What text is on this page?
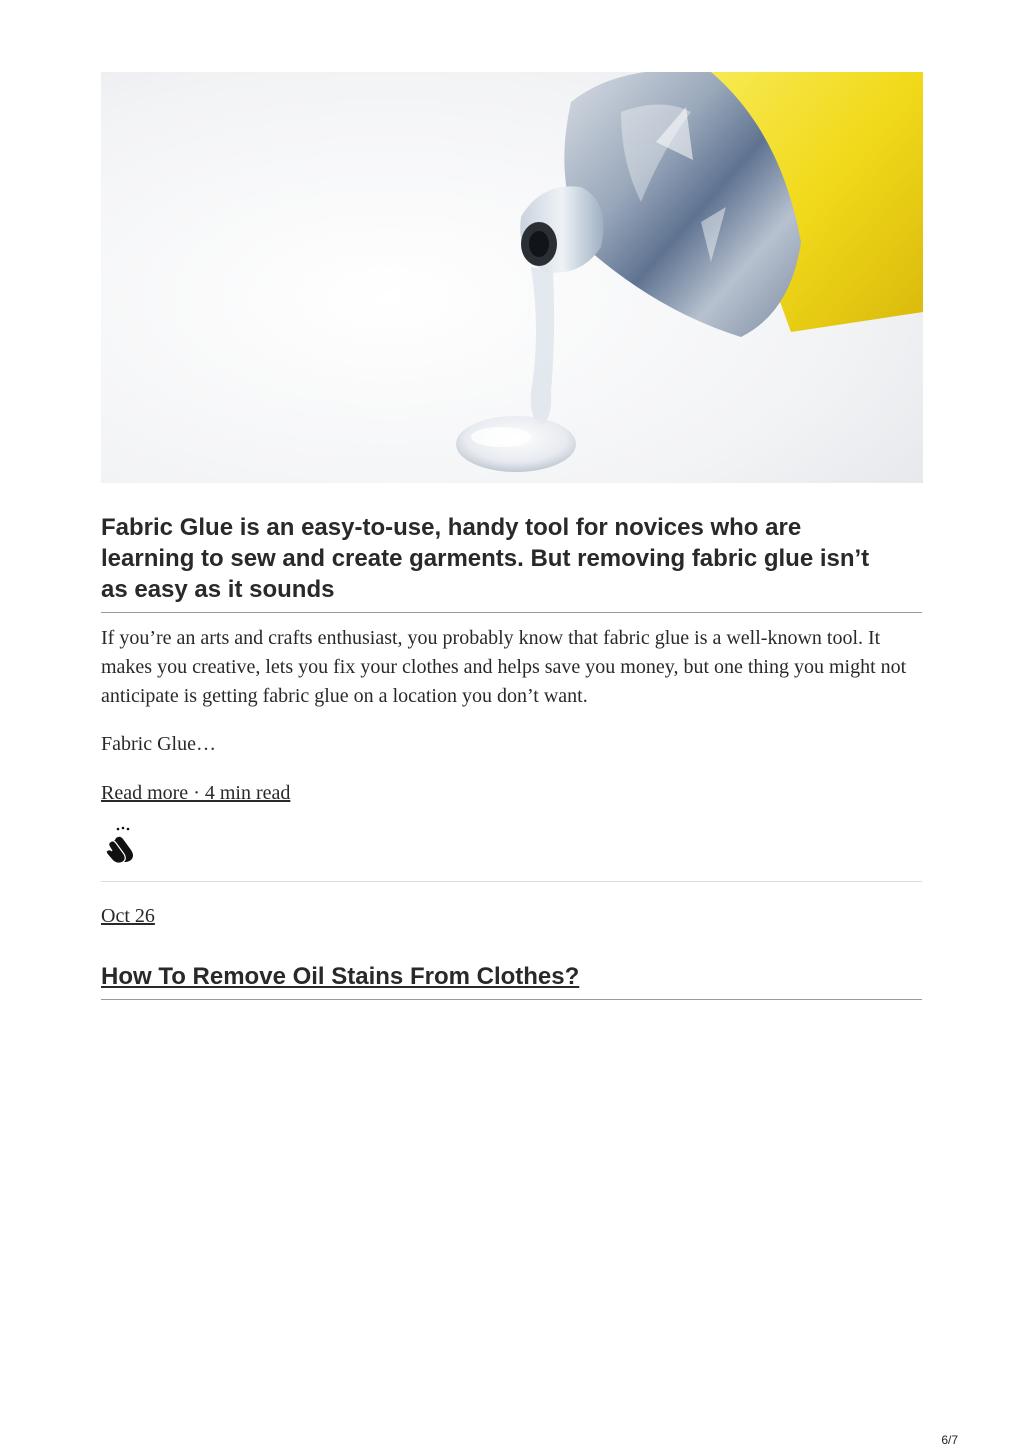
Fabric Glue is an easy-to-use, handy tool for novices who are learning to sew and create garments. But removing fabric glue isn’t as easy as it sounds

If you’re an arts and crafts enthusiast, you probably know that fabric glue is a well-known tool. It makes you creative, lets you fix your clothes and helps save you money, but one thing you might not anticipate is getting fabric glue on a location you don’t want.

Fabric Glue…

Read more · 4 min read
Oct 26
How To Remove Oil Stains From Clothes?
6/7
